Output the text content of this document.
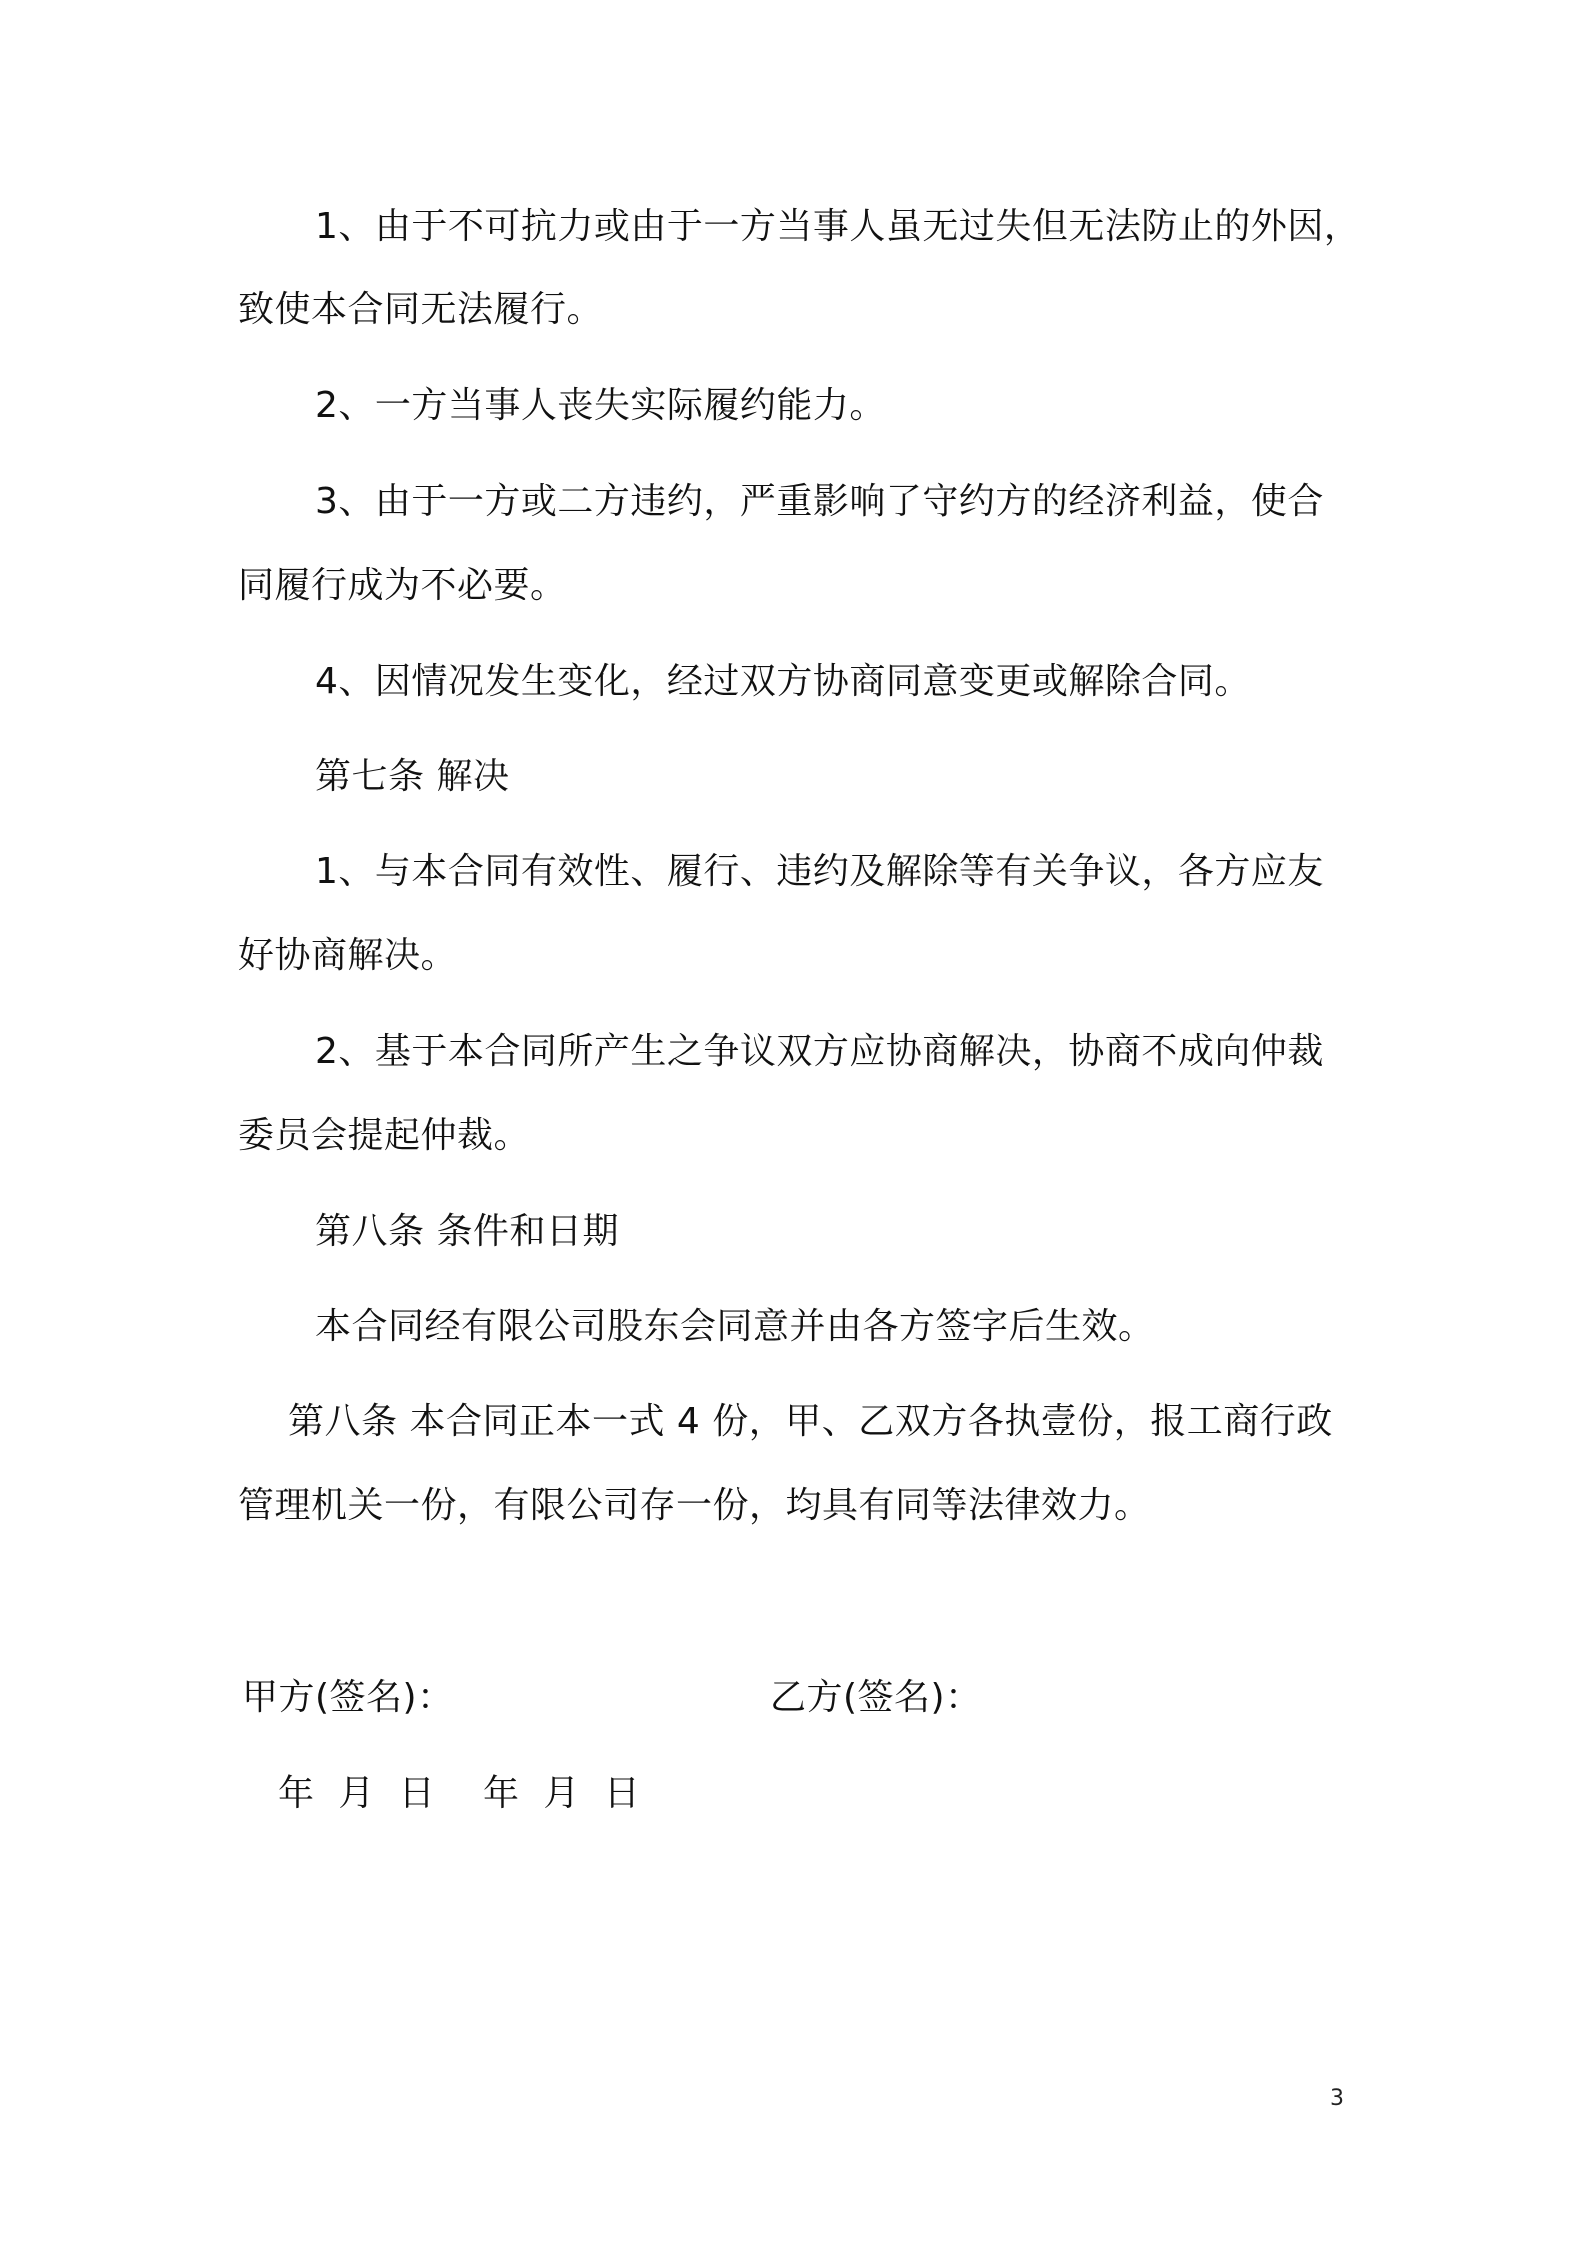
1、由于不可抗力或由于一方当事人虽无过失但无法防止的外因，
致使本合同无法履行。
2、一方当事人丧失实际履约能力。
3、由于一方或二方违约，严重影响了守约方的经济利益，使合
同履行成为不必要。
4、因情况发生变化，经过双方协商同意变更或解除合同。
第七条 解决
1、与本合同有效性、履行、违约及解除等有关争议，各方应友
好协商解决。
2、基于本合同所产生之争议双方应协商解决，协商不成向仲裁
委员会提起仲裁。
第八条 条件和日期
本合同经有限公司股东会同意并由各方签字后生效。
第八条 本合同正本一式 4 份，甲、乙双方各执壹份，报工商行政
管理机关一份，有限公司存一份，均具有同等法律效力。
甲方(签名)：	乙方(签名)：
年  月  日    年  月  日
3
